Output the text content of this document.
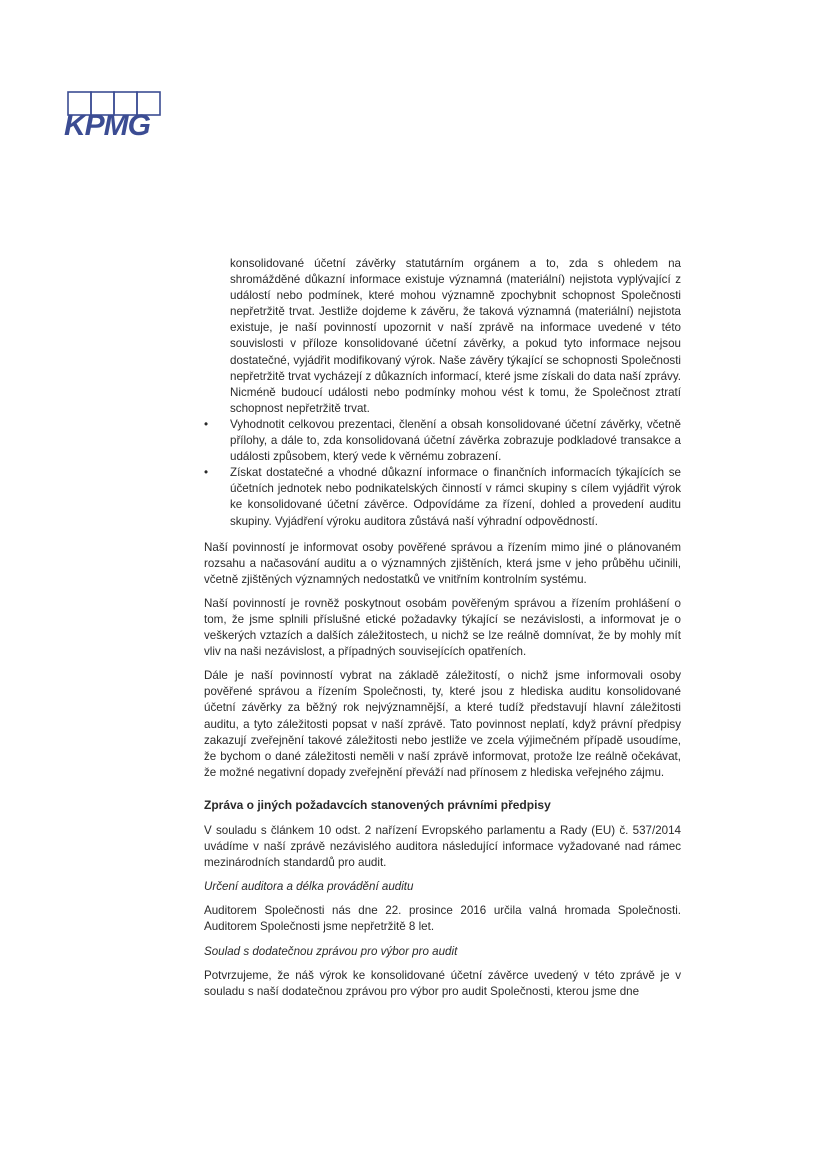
KPMG

konsolidované účetní závěrky statutárním orgánem a to, zda s ohledem na shromážděné důkazní informace existuje významná (materiální) nejistota vyplývající z událostí nebo podmínek, které mohou významně zpochybnit schopnost Společnosti nepřetržitě trvat. Jestliže dojdeme k závěru, že taková významná (materiální) nejistota existuje, je naší povinností upozornit v naší zprávě na informace uvedené v této souvislosti v příloze konsolidované účetní závěrky, a pokud tyto informace nejsou dostatečné, vyjádřit modifikovaný výrok. Naše závěry týkající se schopnosti Společnosti nepřetržitě trvat vycházejí z důkazních informací, které jsme získali do data naší zprávy. Nicméně budoucí události nebo podmínky mohou vést k tomu, že Společnost ztratí schopnost nepřetržitě trvat.

• Vyhodnotit celkovou prezentaci, členění a obsah konsolidované účetní závěrky, včetně přílohy, a dále to, zda konsolidovaná účetní závěrka zobrazuje podkladové transakce a události způsobem, který vede k věrnému zobrazení.
• Získat dostatečné a vhodné důkazní informace o finančních informacích týkajících se účetních jednotek nebo podnikatelských činností v rámci skupiny s cílem vyjádřit výrok ke konsolidované účetní závěrce. Odpovídáme za řízení, dohled a provedení auditu skupiny. Vyjádření výroku auditora zůstává naší výhradní odpovědností.

Naší povinností je informovat osoby pověřené správou a řízením mimo jiné o plánovaném rozsahu a načasování auditu a o významných zjištěních, která jsme v jeho průběhu učinili, včetně zjištěných významných nedostatků ve vnitřním kontrolním systému.

Naší povinností je rovněž poskytnout osobám pověřeným správou a řízením prohlášení o tom, že jsme splnili příslušné etické požadavky týkající se nezávislosti, a informovat je o veškerých vztazích a dalších záležitostech, u nichž se lze reálně domnívat, že by mohly mít vliv na naši nezávislost, a případných souvisejících opatřeních.

Dále je naší povinností vybrat na základě záležitostí, o nichž jsme informovali osoby pověřené správou a řízením Společnosti, ty, které jsou z hlediska auditu konsolidované účetní závěrky za běžný rok nejvýznamnější, a které tudíž představují hlavní záležitosti auditu, a tyto záležitosti popsat v naší zprávě. Tato povinnost neplatí, když právní předpisy zakazují zveřejnění takové záležitosti nebo jestliže ve zcela výjimečném případě usoudíme, že bychom o dané záležitosti neměli v naší zprávě informovat, protože lze reálně očekávat, že možné negativní dopady zveřejnění převáží nad přínosem z hlediska veřejného zájmu.

Zpráva o jiných požadavcích stanovených právními předpisy

V souladu s článkem 10 odst. 2 nařízení Evropského parlamentu a Rady (EU) č. 537/2014 uvádíme v naší zprávě nezávislého auditora následující informace vyžadované nad rámec mezinárodních standardů pro audit.

Určení auditora a délka provádění auditu

Auditorem Společnosti nás dne 22. prosince 2016 určila valná hromada Společnosti. Auditorem Společnosti jsme nepřetržitě 8 let.

Soulad s dodatečnou zprávou pro výbor pro audit

Potvrzujeme, že náš výrok ke konsolidované účetní závěrce uvedený v této zprávě je v souladu s naší dodatečnou zprávou pro výbor pro audit Společnosti, kterou jsme dne
